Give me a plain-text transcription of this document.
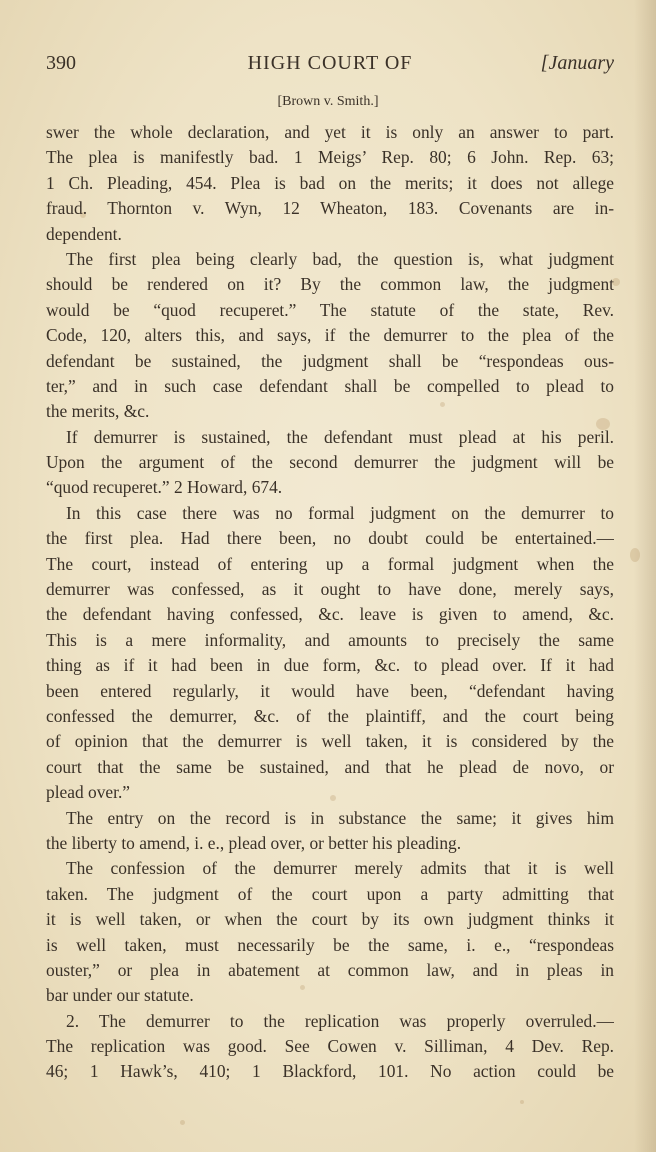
390	HIGH COURT OF	[January
[Brown v. Smith.]
swer the whole declaration, and yet it is only an answer to part.
The plea is manifestly bad. 1 Meigs’ Rep. 80; 6 John. Rep. 63;
1 Ch. Pleading, 454. Plea is bad on the merits; it does not allege
fraud. Thornton v. Wyn, 12 Wheaton, 183. Covenants are in-
dependent.
The first plea being clearly bad, the question is, what judgment
should be rendered on it? By the common law, the judgment
would be “quod recuperet.” The statute of the state, Rev.
Code, 120, alters this, and says, if the demurrer to the plea of the
defendant be sustained, the judgment shall be “respondeas ous-
ter,” and in such case defendant shall be compelled to plead to
the merits, &c.
If demurrer is sustained, the defendant must plead at his peril.
Upon the argument of the second demurrer the judgment will be
“quod recuperet.” 2 Howard, 674.
In this case there was no formal judgment on the demurrer to
the first plea. Had there been, no doubt could be entertained.—
The court, instead of entering up a formal judgment when the
demurrer was confessed, as it ought to have done, merely says,
the defendant having confessed, &c. leave is given to amend, &c.
This is a mere informality, and amounts to precisely the same
thing as if it had been in due form, &c. to plead over. If it had
been entered regularly, it would have been, “defendant having
confessed the demurrer, &c. of the plaintiff, and the court being
of opinion that the demurrer is well taken, it is considered by the
court that the same be sustained, and that he plead de novo, or
plead over.”
The entry on the record is in substance the same; it gives him
the liberty to amend, i. e., plead over, or better his pleading.
The confession of the demurrer merely admits that it is well
taken. The judgment of the court upon a party admitting that
it is well taken, or when the court by its own judgment thinks it
is well taken, must necessarily be the same, i. e., “respondeas
ouster,” or plea in abatement at common law, and in pleas in
bar under our statute.
2. The demurrer to the replication was properly overruled.—
The replication was good. See Cowen v. Silliman, 4 Dev. Rep.
46; 1 Hawk’s, 410; 1 Blackford, 101. No action could be
